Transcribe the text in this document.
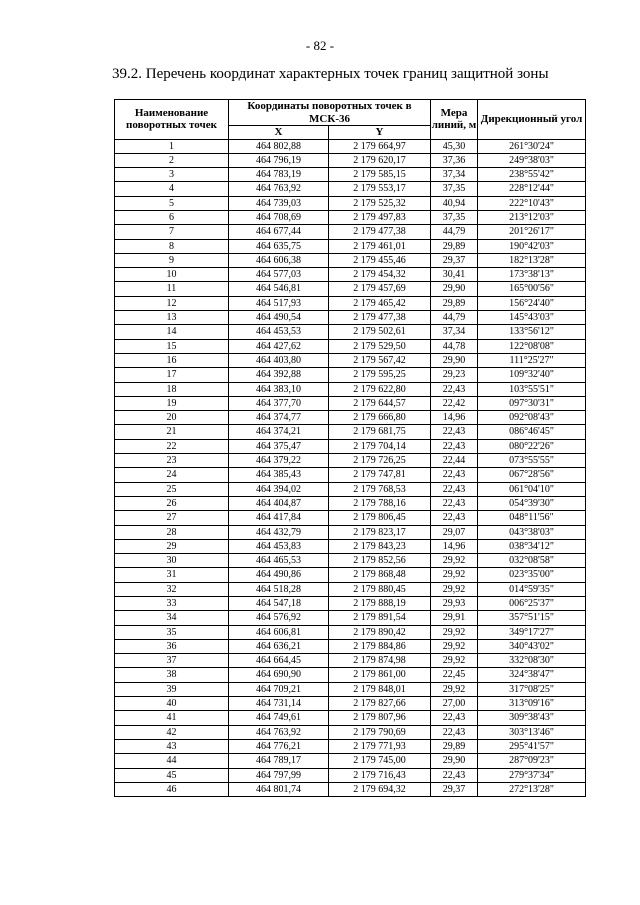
- 82 -
39.2. Перечень координат характерных точек границ защитной зоны
Наименование поворотных точек	Координаты поворотных точек в МСК-36		Мера линий, м	Дирекционный угол
	X	Y		
1	464 802,88	2 179 664,97	45,30	261°30'24"
2	464 796,19	2 179 620,17	37,36	249°38'03"
3	464 783,19	2 179 585,15	37,34	238°55'42"
4	464 763,92	2 179 553,17	37,35	228°12'44"
5	464 739,03	2 179 525,32	40,94	222°10'43"
6	464 708,69	2 179 497,83	37,35	213°12'03"
7	464 677,44	2 179 477,38	44,79	201°26'17"
8	464 635,75	2 179 461,01	29,89	190°42'03"
9	464 606,38	2 179 455,46	29,37	182°13'28"
10	464 577,03	2 179 454,32	30,41	173°38'13"
11	464 546,81	2 179 457,69	29,90	165°00'56"
12	464 517,93	2 179 465,42	29,89	156°24'40"
13	464 490,54	2 179 477,38	44,79	145°43'03"
14	464 453,53	2 179 502,61	37,34	133°56'12"
15	464 427,62	2 179 529,50	44,78	122°08'08"
16	464 403,80	2 179 567,42	29,90	111°25'27"
17	464 392,88	2 179 595,25	29,23	109°32'40"
18	464 383,10	2 179 622,80	22,43	103°55'51"
19	464 377,70	2 179 644,57	22,42	097°30'31"
20	464 374,77	2 179 666,80	14,96	092°08'43"
21	464 374,21	2 179 681,75	22,43	086°46'45"
22	464 375,47	2 179 704,14	22,43	080°22'26"
23	464 379,22	2 179 726,25	22,44	073°55'55"
24	464 385,43	2 179 747,81	22,43	067°28'56"
25	464 394,02	2 179 768,53	22,43	061°04'10"
26	464 404,87	2 179 788,16	22,43	054°39'30"
27	464 417,84	2 179 806,45	22,43	048°11'56"
28	464 432,79	2 179 823,17	29,07	043°38'03"
29	464 453,83	2 179 843,23	14,96	038°34'12"
30	464 465,53	2 179 852,56	29,92	032°08'58"
31	464 490,86	2 179 868,48	29,92	023°35'00"
32	464 518,28	2 179 880,45	29,92	014°59'35"
33	464 547,18	2 179 888,19	29,93	006°25'37"
34	464 576,92	2 179 891,54	29,91	357°51'15"
35	464 606,81	2 179 890,42	29,92	349°17'27"
36	464 636,21	2 179 884,86	29,92	340°43'02"
37	464 664,45	2 179 874,98	29,92	332°08'30"
38	464 690,90	2 179 861,00	22,45	324°38'47"
39	464 709,21	2 179 848,01	29,92	317°08'25"
40	464 731,14	2 179 827,66	27,00	313°09'16"
41	464 749,61	2 179 807,96	22,43	309°38'43"
42	464 763,92	2 179 790,69	22,43	303°13'46"
43	464 776,21	2 179 771,93	29,89	295°41'57"
44	464 789,17	2 179 745,00	29,90	287°09'23"
45	464 797,99	2 179 716,43	22,43	279°37'34"
46	464 801,74	2 179 694,32	29,37	272°13'28"
